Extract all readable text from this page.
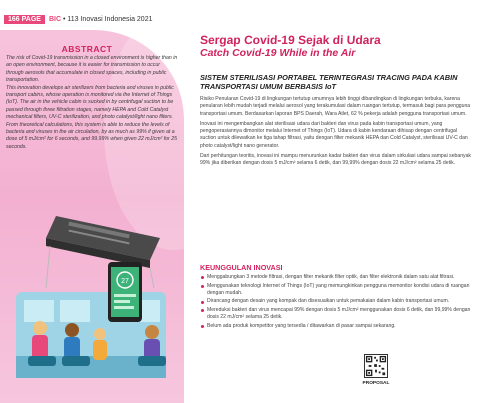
166 PAGE	BIC • 113 Inovasi Indonesia 2021
ABSTRACT

The risk of Covid-19 transmission in a closed environment is higher than in an open environment, because it is easier for transmission to occur through aerosols that accumulate in closed spaces, including in public transportation.

This innovation develops air sterilizers from bacteria and viruses in public transport cabins, whose operation is monitored via the Internet of Things (IoT). The air in the vehicle cabin is sucked in by centrifugal suction to be passed through three filtration stages, namely HEPA and Cold Catalyst mechanical filters, UV-C sterilization, and photo catalyst/light nano filters.

From theoretical calculations, this system is able to reduce the levels of bacteria and viruses in the air circulation, by as much as 99% if given at a dose of 5 mJ/cm² for 6 seconds, and 99.99% when given 22 mJ/cm² for 25 seconds.

27
Sergap Covid-19 Sejak di Udara
Catch Covid-19 While in the Air
SISTEM STERILISASI PORTABEL TERINTEGRASI TRACING PADA KABIN TRANSPORTASI UMUM BERBASIS IoT

Risiko Penularan Covid-19 di lingkungan tertutup umumnya lebih tinggi dibandingkan di lingkungan terbuka, karena penularan lebih mudah terjadi melalui aerosol yang terakumulasi dalam ruangan tertutup, termasuk bagi para pengguna transportasi umum. Berdasarkan laporan BPS Daerah, Wara Atlet, 62 % pekerja adalah pengguna transportasi umum.

Inovasi ini mengembangkan alat sterilisasi udara dari bakteri dan virus pada kabin transportasi umum, yang pengoperasiannya dimonitor melalui Internet of Things (IoT). Udara di kabin kendaraan dihisap dengan centrifugal suction untuk dilewatkan ke tiga tahap filtrasi, yaitu dengan filter mekanik HEPA dan Cold Catalyst, sterilisasi UV-C dan photo catalyst/light nano generator.

Dari perhitungan teoritis, inovasi ini mampu menurunkan kadar bakteri dan virus dalam sirkulasi udara sampai sebanyak 99% jika diberikan dengan dosis 5 mJ/cm² selama 6 detik, dan 99,99% dengan dosis 22 mJ/cm² selama 25 detik.

KEUNGGULAN INOVASI
Menggabungkan 3 metode filtrasi, dengan filter mekanik filter optik, dan filter elektronik dalam satu alat filtrasi.
Menggunakan teknologi Internet of Things (IoT) yang memungkinkan pengguna memonitor kondisi udara di ruangan dengan mudah.
Dirancang dengan desain yang kompak dan disesuaikan untuk pemakaian dalam kabin transportasi umum.
Mereduksi bakteri dan virus mencapai 99% dengan dosis 5 mJ/cm² menggunakan dosis 6 detik, dan 99,99% dengan dosis 22 mJ/cm² selama 25 detik.
Belum ada produk kompetitor yang tersedia / ditawarkan di pasar sampai sekarang.
PROPOSAL
